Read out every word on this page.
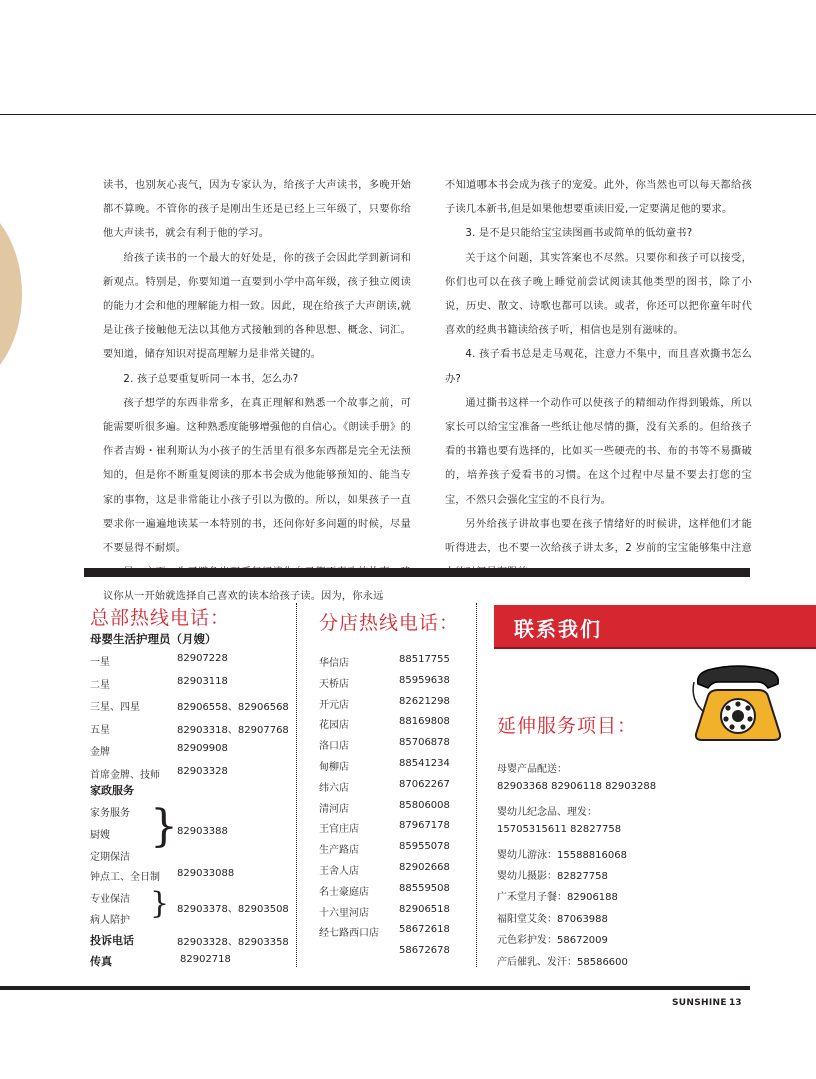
读书，也别灰心丧气，因为专家认为，给孩子大声读书，多晚开始都不算晚。不管你的孩子是刚出生还是已经上三年级了，只要你给他大声读书，就会有利于他的学习。

给孩子读书的一个最大的好处是，你的孩子会因此学到新词和新观点。特别是，你要知道一直要到小学中高年级，孩子独立阅读的能力才会和他的理解能力相一致。因此，现在给孩子大声朗读,就是让孩子接触他无法以其他方式接触到的各种思想、概念、词汇。要知道，储存知识对提高理解力是非常关键的。

2. 孩子总要重复听同一本书，怎么办?

孩子想学的东西非常多，在真正理解和熟悉一个故事之前，可能需要听很多遍。这种熟悉度能够增强他的自信心。《朗读手册》的作者吉姆・崔利斯认为小孩子的生活里有很多东西都是完全无法预知的，但是你不断重复阅读的那本书会成为他能够预知的、能当专家的事物，这是非常能让小孩子引以为傲的。所以，如果孩子一直要求你一遍遍地读某一本特别的书，还问你好多问题的时候，尽量不要显得不耐烦。

议你从一开始就选择自己喜欢的读本给孩子读。因为，你永远

不知道哪本书会成为孩子的宠爱。此外，你当然也可以每天都给孩子读几本新书,但是如果他想要重读旧爱,一定要满足他的要求。

3. 是不是只能给宝宝读图画书或简单的低幼童书?

关于这个问题，其实答案也不尽然。只要你和孩子可以接受，你们也可以在孩子晚上睡觉前尝试阅读其他类型的图书，除了小说，历史、散文、诗歌也都可以读。或者，你还可以把你童年时代喜欢的经典书籍读给孩子听，相信也是别有滋味的。

4. 孩子看书总是走马观花，注意力不集中，而且喜欢撕书怎么办?

通过撕书这样一个动作可以使孩子的精细动作得到锻炼，所以家长可以给宝宝准备一些纸让他尽情的撕，没有关系的。但给孩子看的书籍也要有选择的，比如买一些硬壳的书、布的书等不易撕破的，培养孩子爱看书的习惯。在这个过程中尽量不要去打您的宝宝，不然只会强化宝宝的不良行为。

另外给孩子讲故事也要在孩子情绪好的时候讲，这样他们才能听得进去，也不要一次给孩子讲太多，2 岁前的宝宝能够集中注意

总部热线电话：
母婴生活护理员（月嫂）
一星	82907228
二星	82903118
三星、四星	82906558、82906568
五星	82903318、82907768
金牌	82909908
首席金牌、技师 82903328
家政服务
家务服务
厨嫂
定期保洁
} 82903388
钟点工、全日制 829033088
专业保洁
病人陪护 } 82903378、82903508
投诉电话	82903328、82903358
传真	82902718
分店热线电话：
华信店	88517755
天桥店	85959638
开元店	82621298
花园店	88169808
洛口店	85706878
甸柳店	88541234
纬六店	87062267
清河店	85806008
王官庄店	87967178
生产路店	85955078
王舍人店	82902668
名士豪庭店	88559508
十六里河店	82906518
经七路西口店 58672618
58672678
联系我们
延伸服务项目：
母婴产品配送：
82903368 82906118 82903288
婴幼儿纪念品、理发：
15705315611 82827758
婴幼儿游泳：15588816068
婴幼儿摄影：82827758
广禾堂月子餐：82906188
福阳堂艾灸：87063988
元色彩护发：58672009
产后催乳、发汗：58586600
SUNSHINE 13
